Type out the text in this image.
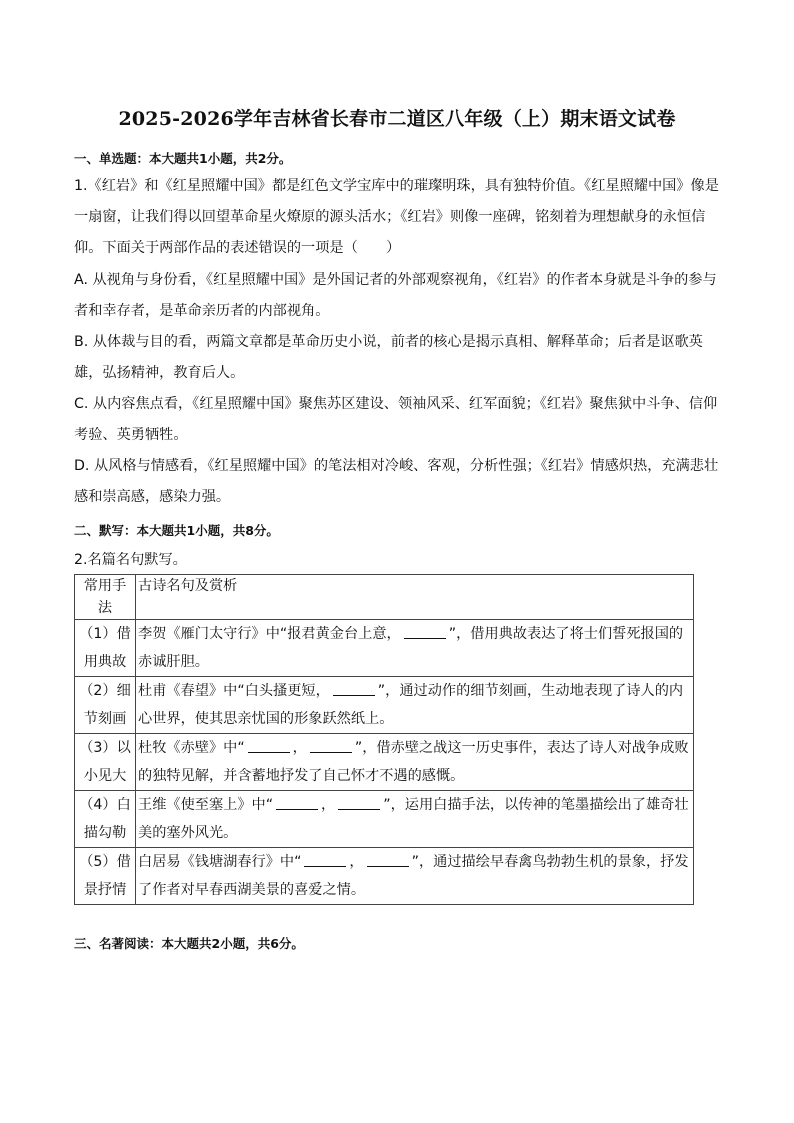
2025-2026学年吉林省长春市二道区八年级（上）期末语文试卷
一、单选题：本大题共1小题，共2分。
1.《红岩》和《红星照耀中国》都是红色文学宝库中的璀璨明珠，具有独特价值。《红星照耀中国》像是一扇窗，让我们得以回望革命星火燎原的源头活水；《红岩》则像一座碑，铭刻着为理想献身的永恒信仰。下面关于两部作品的表述错误的一项是（　　）
A. 从视角与身份看，《红星照耀中国》是外国记者的外部观察视角，《红岩》的作者本身就是斗争的参与者和幸存者，是革命亲历者的内部视角。
B. 从体裁与目的看，两篇文章都是革命历史小说，前者的核心是揭示真相、解释革命；后者是讴歌英雄，弘扬精神，教育后人。
C. 从内容焦点看，《红星照耀中国》聚焦苏区建设、领袖风采、红军面貌；《红岩》聚焦狱中斗争、信仰考验、英勇牺牲。
D. 从风格与情感看，《红星照耀中国》的笔法相对冷峻、客观，分析性强；《红岩》情感炽热，充满悲壮感和崇高感，感染力强。
二、默写：本大题共1小题，共8分。
2.名篇名句默写。
常用手法	古诗名句及赏析
（1）借用典故	李贺《雁门太守行》中“报君黄金台上意， ”，借用典故表达了将士们誓死报国的赤诚肝胆。
（2）细节刻画	杜甫《春望》中“白头搔更短， ”，通过动作的细节刻画，生动地表现了诗人的内心世界，使其思亲忧国的形象跃然纸上。
（3）以小见大	杜牧《赤壁》中“ ， ”，借赤壁之战这一历史事件，表达了诗人对战争成败的独特见解，并含蓄地抒发了自己怀才不遇的感慨。
（4）白描勾勒	王维《使至塞上》中“ ， ”，运用白描手法，以传神的笔墨描绘出了雄奇壮美的塞外风光。
（5）借景抒情	白居易《钱塘湖春行》中“ ， ”，通过描绘早春禽鸟勃勃生机的景象，抒发了作者对早春西湖美景的喜爱之情。
三、名著阅读：本大题共2小题，共6分。
